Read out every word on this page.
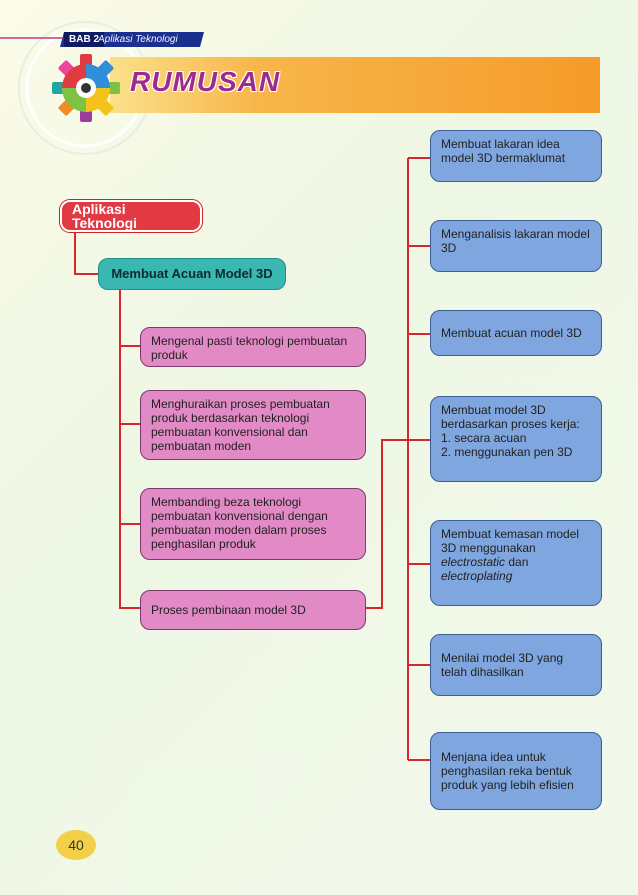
BAB 2
Aplikasi Teknologi
RUMUSAN
Aplikasi Teknologi
Membuat Acuan Model 3D
Mengenal pasti teknologi pembuatan produk
Menghuraikan proses pembuatan produk berdasarkan teknologi pembuatan konvensional dan pembuatan moden
Membanding beza teknologi pembuatan konvensional dengan pembuatan moden dalam proses penghasilan produk
Proses pembinaan model 3D
Membuat lakaran idea model 3D bermaklumat
Menganalisis lakaran model 3D
Membuat acuan model 3D
Membuat model 3D berdasarkan proses kerja:
1. secara acuan
2. menggunakan pen 3D
Membuat kemasan model 3D menggunakan electrostatic dan electroplating
Menilai model 3D yang telah dihasilkan
Menjana idea untuk penghasilan reka bentuk produk yang lebih efisien
40
